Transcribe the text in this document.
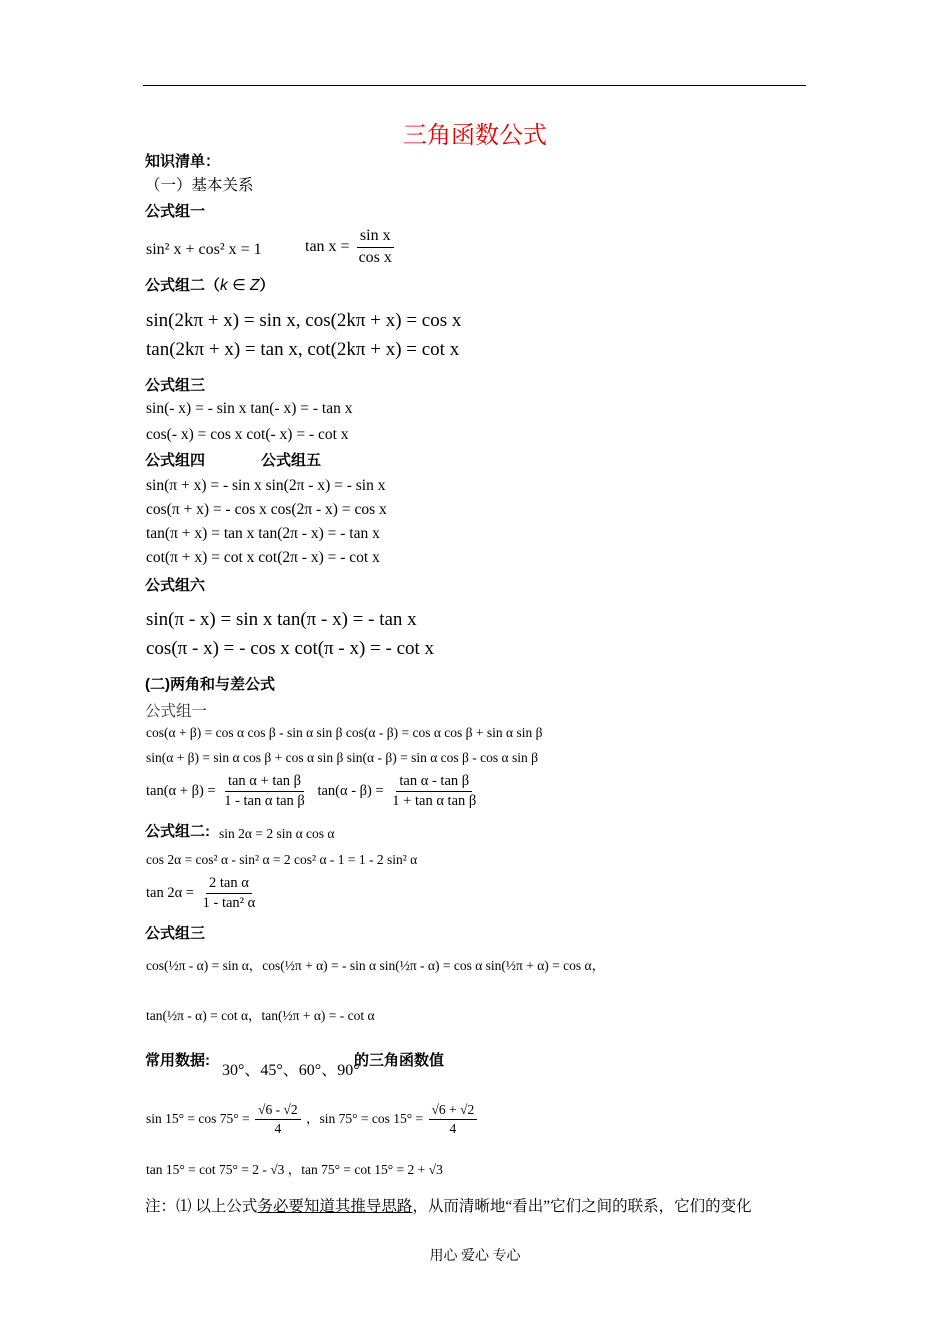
三角函数公式
知识清单：
（一）基本关系
公式组一
sin² x + cos² x = 1	$\tan x = \frac{\text{sin x}}{\text{cos x}}$
公式组二（k ∈ Z）
sin(2kπ + x) = sin x, cos(2kπ + x) = cos x
tan(2kπ + x) = tan x, cot(2kπ + x) = cot x
公式组三
sin(- x) = - sin x tan(- x) = - tan x
cos(- x) = cos x cot(- x) = - cot x
公式组四	公式组五
sin(π + x) = - sin x sin(2π - x) = - sin x
cos(π + x) = - cos x cos(2π - x) = cos x
tan(π + x) = tan x tan(2π - x) = - tan x
cot(π + x) = cot x cot(2π - x) = - cot x
公式组六
sin(π - x) = sin x tan(π - x) = - tan x
cos(π - x) = - cos x cot(π - x) = - cot x
(二)两角和与差公式
公式组一
cos(α + β) = cos α cos β - sin α sin β cos(α - β) = cos α cos β + sin α sin β
sin(α + β) = sin α cos β + cos α sin β sin(α - β) = sin α cos β - cos α sin β
$\tan(\alpha + \beta) = \frac{\text{tan α + tan β}}{\text{1 - tan α tan β}} \tan(\alpha - \beta) = \frac{\text{tan α - tan β}}{\text{1 + tan α tan β}}$
公式组二: sin 2α = 2 sin α cos α
cos 2α = cos² α - sin² α = 2 cos² α - 1 = 1 - 2 sin² α
$\tan 2\alpha = \frac{\text{2 tan α}}{\text{1 - tan² α}}$
公式组三
cos(½π - α) = sin α，cos(½π + α) = - sin α sin(½π - α) = cos α sin(½π + α) = cos α，
tan(½π - α) = cot α，tan(½π + α) = - cot α
常用数据:
30°、45°、60°、90°
的三角函数值
$\sin 15^\circ = \cos 75^\circ = \frac{√6 - √2}{4}$ ，$\sin 75^\circ = \cos 15^\circ = \frac{√6 + √2}{4}$
tan 15° = cot 75° = 2 - √3 ，tan 75° = cot 15° = 2 + √3
注：⑴ 以上公式务必要知道其推导思路，从而清晰地“看出”它们之间的联系，它们的变化
用心 爱心 专心
